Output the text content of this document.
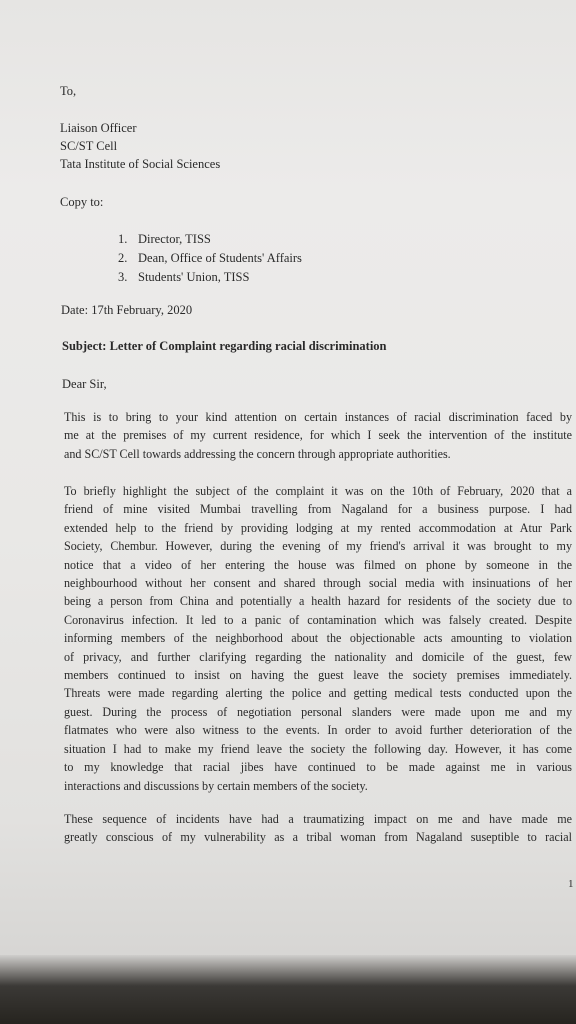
To,
Liaison Officer
SC/ST Cell
Tata Institute of Social Sciences
Copy to:
1. Director, TISS
2. Dean, Office of Students' Affairs
3. Students' Union, TISS
Date: 17th February, 2020
Subject: Letter of Complaint regarding racial discrimination
Dear Sir,
This is to bring to your kind attention on certain instances of racial discrimination faced by
me at the premises of my current residence, for which I seek the intervention of the institute
and SC/ST Cell towards addressing the concern through appropriate authorities.
To briefly highlight the subject of the complaint it was on the 10th of February, 2020 that a
friend of mine visited Mumbai travelling from Nagaland for a business purpose. I had
extended help to the friend by providing lodging at my rented accommodation at Atur Park
Society, Chembur. However, during the evening of my friend's arrival it was brought to my
notice that a video of her entering the house was filmed on phone by someone in the
neighbourhood without her consent and shared through social media with insinuations of her
being a person from China and potentially a health hazard for residents of the society due to
Coronavirus infection. It led to a panic of contamination which was falsely created. Despite
informing members of the neighborhood about the objectionable acts amounting to violation
of privacy, and further clarifying regarding the nationality and domicile of the guest, few
members continued to insist on having the guest leave the society premises immediately.
Threats were made regarding alerting the police and getting medical tests conducted upon the
guest. During the process of negotiation personal slanders were made upon me and my
flatmates who were also witness to the events. In order to avoid further deterioration of the
situation I had to make my friend leave the society the following day. However, it has come
to my knowledge that racial jibes have continued to be made against me in various
interactions and discussions by certain members of the society.
These sequence of incidents have had a traumatizing impact on me and have made me
greatly conscious of my vulnerability as a tribal woman from Nagaland suseptible to racial
1
